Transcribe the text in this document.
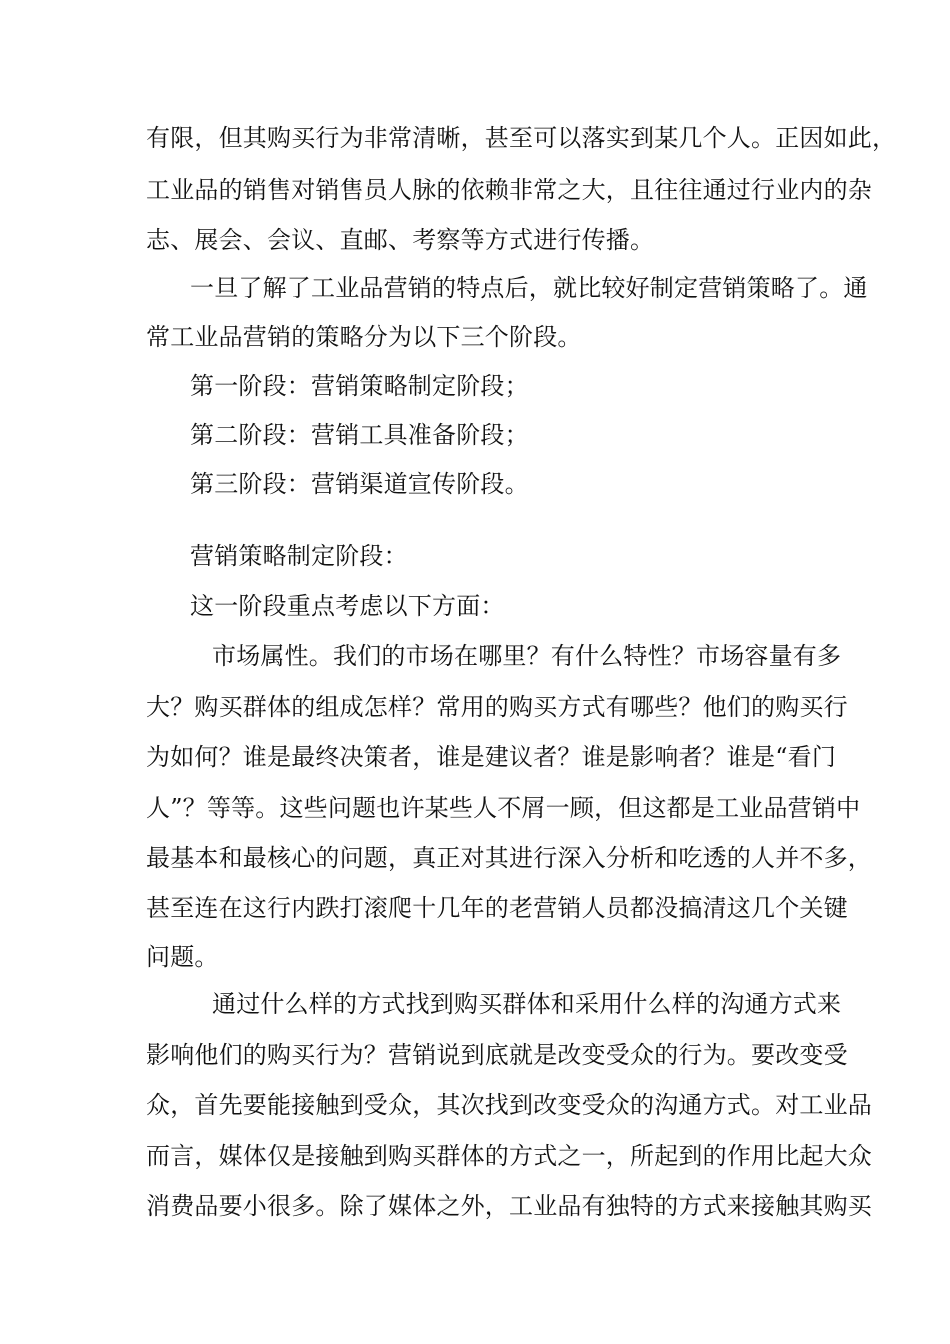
有限，但其购买行为非常清晰，甚至可以落实到某几个人。正因如此，
工业品的销售对销售员人脉的依赖非常之大，且往往通过行业内的杂
志、展会、会议、直邮、考察等方式进行传播。
一旦了解了工业品营销的特点后，就比较好制定营销策略了。通
常工业品营销的策略分为以下三个阶段。
第一阶段：营销策略制定阶段；
第二阶段：营销工具准备阶段；
第三阶段：营销渠道宣传阶段。
营销策略制定阶段：
这一阶段重点考虑以下方面：
市场属性。我们的市场在哪里？有什么特性？市场容量有多
大？购买群体的组成怎样？常用的购买方式有哪些？他们的购买行
为如何？谁是最终决策者，谁是建议者？谁是影响者？谁是“看门
人”？等等。这些问题也许某些人不屑一顾，但这都是工业品营销中
最基本和最核心的问题，真正对其进行深入分析和吃透的人并不多，
甚至连在这行内跌打滚爬十几年的老营销人员都没搞清这几个关键
问题。
通过什么样的方式找到购买群体和采用什么样的沟通方式来
影响他们的购买行为？营销说到底就是改变受众的行为。要改变受
众，首先要能接触到受众，其次找到改变受众的沟通方式。对工业品
而言，媒体仅是接触到购买群体的方式之一，所起到的作用比起大众
消费品要小很多。除了媒体之外，工业品有独特的方式来接触其购买
